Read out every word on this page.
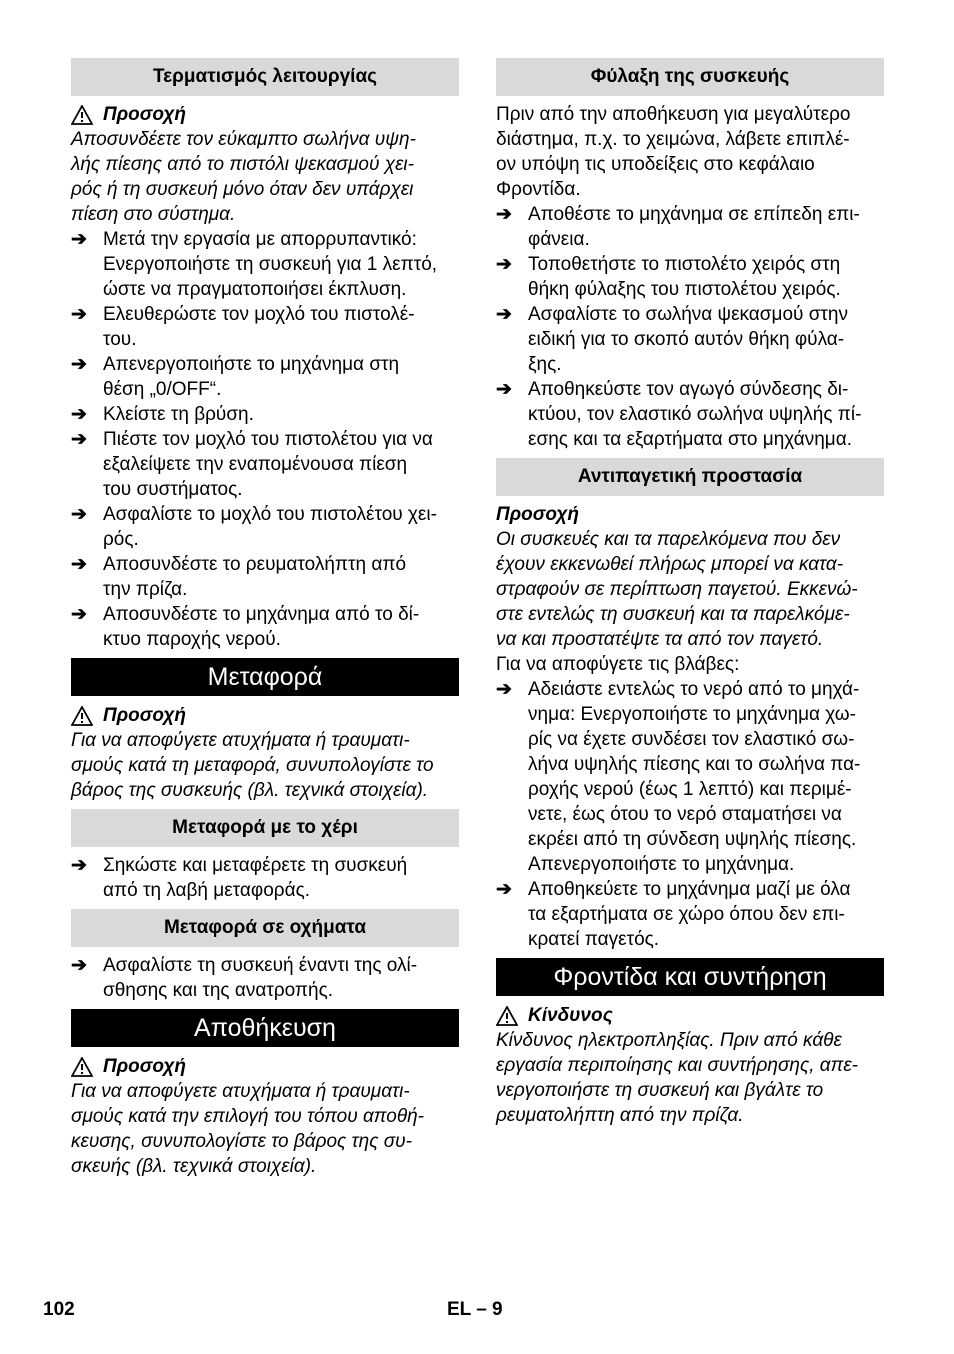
Τερματισμός λειτουργίας
Προσοχή
Αποσυνδέετε τον εύκαμπτο σωλήνα υψη-
λής πίεσης από το πιστόλι ψεκασμού χει-
ρός ή τη συσκευή μόνο όταν δεν υπάρχει
πίεση στο σύστημα.
➔ Μετά την εργασία με απορρυπαντικό:
Ενεργοποιήστε τη συσκευή για 1 λεπτό,
ώστε να πραγματοποιήσει έκπλυση.
➔ Ελευθερώστε τον μοχλό του πιστολέ-
του.
➔ Απενεργοποιήστε το μηχάνημα στη
θέση „0/OFF“.
➔ Κλείστε τη βρύση.
➔ Πιέστε τον μοχλό του πιστολέτου για να
εξαλείψετε την εναπομένουσα πίεση
του συστήματος.
➔ Ασφαλίστε το μοχλό του πιστολέτου χει-
ρός.
➔ Αποσυνδέστε το ρευματολήπτη από
την πρίζα.
➔ Αποσυνδέστε το μηχάνημα από το δί-
κτυο παροχής νερού.
Μεταφορά
Προσοχή
Για να αποφύγετε ατυχήματα ή τραυματι-
σμούς κατά τη μεταφορά, συνυπολογίστε το
βάρος της συσκευής (βλ. τεχνικά στοιχεία).
Μεταφορά με το χέρι
➔ Σηκώστε και μεταφέρετε τη συσκευή
από τη λαβή μεταφοράς.
Μεταφορά σε οχήματα
➔ Ασφαλίστε τη συσκευή έναντι της ολί-
σθησης και της ανατροπής.
Αποθήκευση
Προσοχή
Για να αποφύγετε ατυχήματα ή τραυματι-
σμούς κατά την επιλογή του τόπου αποθή-
κευσης, συνυπολογίστε το βάρος της συ-
σκευής (βλ. τεχνικά στοιχεία).
Φύλαξη της συσκευής
Πριν από την αποθήκευση για μεγαλύτερο
διάστημα, π.χ. το χειμώνα, λάβετε επιπλέ-
ον υπόψη τις υποδείξεις στο κεφάλαιο
Φροντίδα.
➔ Αποθέστε το μηχάνημα σε επίπεδη επι-
φάνεια.
➔ Τοποθετήστε το πιστολέτο χειρός στη
θήκη φύλαξης του πιστολέτου χειρός.
➔ Ασφαλίστε το σωλήνα ψεκασμού στην
ειδική για το σκοπό αυτόν θήκη φύλα-
ξης.
➔ Αποθηκεύστε τον αγωγό σύνδεσης δι-
κτύου, τον ελαστικό σωλήνα υψηλής πί-
εσης και τα εξαρτήματα στο μηχάνημα.
Αντιπαγετική προστασία
Προσοχή
Οι συσκευές και τα παρελκόμενα που δεν
έχουν εκκενωθεί πλήρως μπορεί να κατα-
στραφούν σε περίπτωση παγετού. Εκκενώ-
στε εντελώς τη συσκευή και τα παρελκόμε-
να και προστατέψτε τα από τον παγετό.
Για να αποφύγετε τις βλάβες:
➔ Αδειάστε εντελώς το νερό από το μηχά-
νημα: Ενεργοποιήστε το μηχάνημα χω-
ρίς να έχετε συνδέσει τον ελαστικό σω-
λήνα υψηλής πίεσης και το σωλήνα πα-
ροχής νερού (έως 1 λεπτό) και περιμέ-
νετε, έως ότου το νερό σταματήσει να
εκρέει από τη σύνδεση υψηλής πίεσης.
Απενεργοποιήστε το μηχάνημα.
➔ Αποθηκεύετε το μηχάνημα μαζί με όλα
τα εξαρτήματα σε χώρο όπου δεν επι-
κρατεί παγετός.
Φροντίδα και συντήρηση
Κίνδυνος
Κίνδυνος ηλεκτροπληξίας. Πριν από κάθε
εργασία περιποίησης και συντήρησης, απε-
νεργοποιήστε τη συσκευή και βγάλτε το
ρευματολήπτη από την πρίζα.
102	EL – 9
